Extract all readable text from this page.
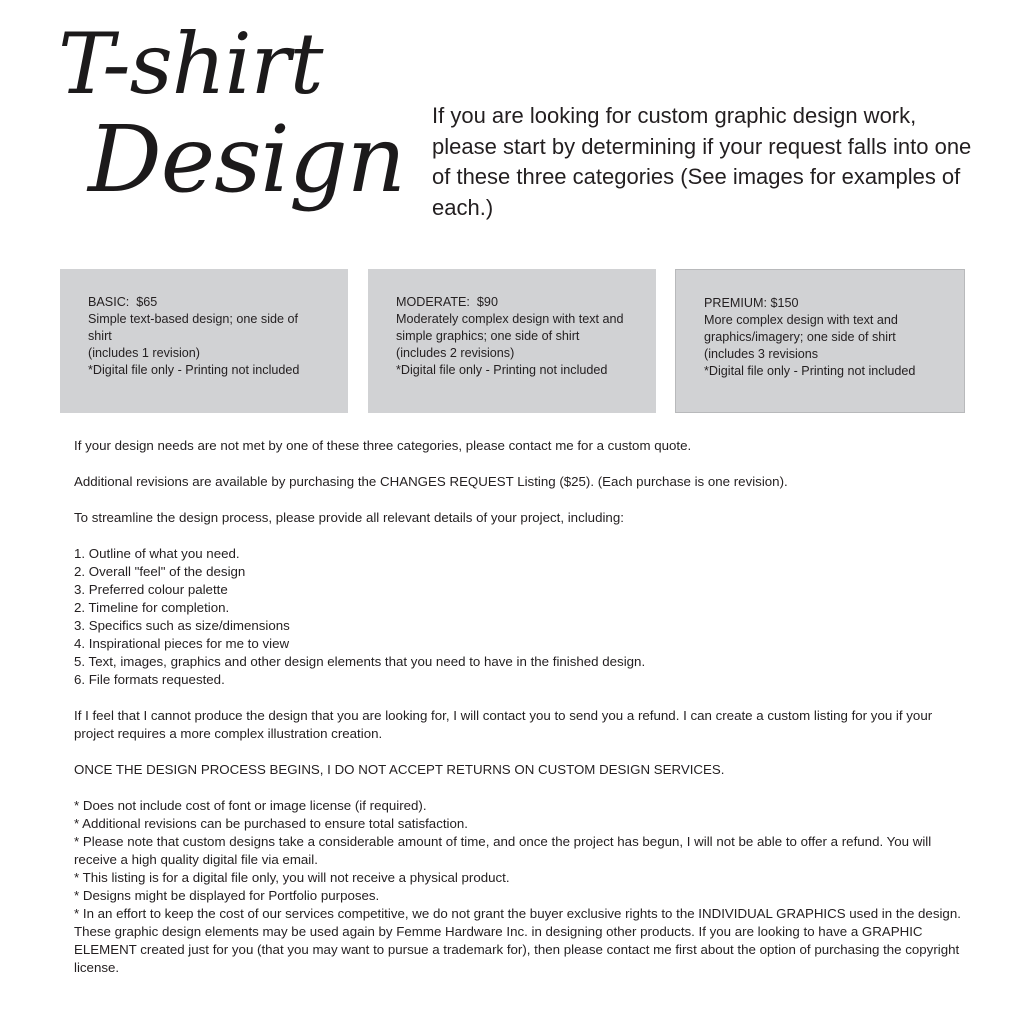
T-shirt
Design If you are looking for custom graphic design work, please start by determining if your request falls into one of these three categories (See images for examples of each.)

BASIC:  $65

Simple text-based design; one side of shirt

(includes 1 revision)

*Digital file only - Printing not included

MODERATE:  $90

Moderately complex design with text and simple graphics; one side of shirt

(includes 2 revisions)

*Digital file only - Printing not included

PREMIUM: $150

More complex design with text and graphics/imagery; one side of shirt

(includes 3 revisions

*Digital file only - Printing not included

If your design needs are not met by one of these three categories, please contact me for a custom quote.

Additional revisions are available by purchasing the CHANGES REQUEST Listing ($25). (Each purchase is one revision).

To streamline the design process, please provide all relevant details of your project, including:

1. Outline of what you need.

2. Overall "feel" of the design

3. Preferred colour palette

2. Timeline for completion.

3. Specifics such as size/dimensions

4. Inspirational pieces for me to view

5. Text, images, graphics and other design elements that you need to have in the finished design.

6. File formats requested.

If I feel that I cannot produce the design that you are looking for, I will contact you to send you a refund. I can create a custom listing for you if your project requires a more complex illustration creation.

ONCE THE DESIGN PROCESS BEGINS, I DO NOT ACCEPT RETURNS ON CUSTOM DESIGN SERVICES.

* Does not include cost of font or image license (if required).

* Additional revisions can be purchased to ensure total satisfaction.

* Please note that custom designs take a considerable amount of time, and once the project has begun, I will not be able to offer a refund. You will receive a high quality digital file via email.

* This listing is for a digital file only, you will not receive a physical product.

* Designs might be displayed for Portfolio purposes.

* In an effort to keep the cost of our services competitive, we do not grant the buyer exclusive rights to the INDIVIDUAL GRAPHICS used in the design. These graphic design elements may be used again by Femme Hardware Inc. in designing other products. If you are looking to have a GRAPHIC ELEMENT created just for you (that you may want to pursue a trademark for), then please contact me first about the option of purchasing the copyright license.
